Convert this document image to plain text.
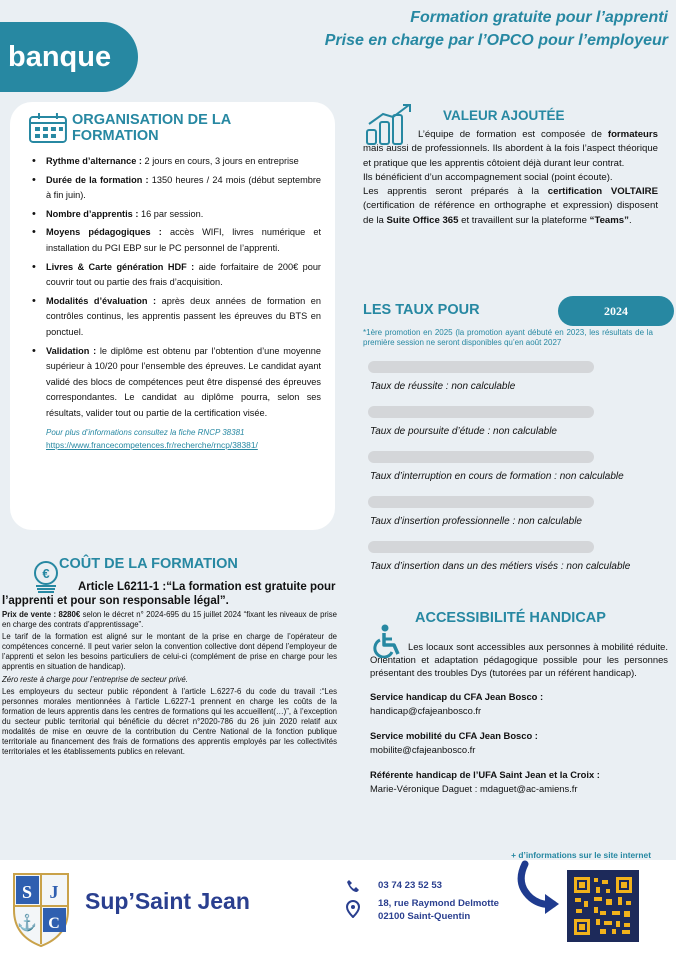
banque
Formation gratuite pour l’apprenti
Prise en charge par l’OPCO pour l’employeur
ORGANISATION DE LA FORMATION
• Rythme d’alternance : 2 jours en cours, 3 jours en entreprise
• Durée de la formation : 1350 heures / 24 mois (début septembre à fin juin).
• Nombre d’apprentis : 16 par session.
• Moyens pédagogiques : accès WIFI, livres numérique et installation du PGI EBP sur le PC personnel de l’apprenti.
• Livres & Carte génération HDF : aide forfaitaire de 200€ pour couvrir tout ou partie des frais d’acquisition.
• Modalités d’évaluation : après deux années de formation en contrôles continus, les apprentis passent les épreuves du BTS en ponctuel.
• Validation : le diplôme est obtenu par l’obtention d’une moyenne supérieur à 10/20 pour l’ensemble des épreuves. Le candidat ayant validé des blocs de compétences peut être dispensé des épreuves correspondantes. Le candidat au diplôme pourra, selon ses résultats, valider tout ou partie de la certification visée.
Pour plus d’informations consultez la fiche RNCP 38381
https://www.francecompetences.fr/recherche/rncp/38381/
€
COÛT DE LA FORMATION
Article L6211-1 :“La formation est gratuite pour l’apprenti et pour son responsable légal”.
Prix de vente : 8280€ selon le décret n° 2024-695 du 15 juillet 2024 “fixant les niveaux de prise en charge des contrats d’apprentissage”.
Le tarif de la formation est aligné sur le montant de la prise en charge de l’opérateur de compétences concerné. Il peut varier selon la convention collective dont dépend l’employeur de l’apprenti et selon les besoins particuliers de celui-ci (complément de prise en charge pour les apprentis en situation de handicap).
Zéro reste à charge pour l’entreprise de secteur privé.
Les employeurs du secteur public répondent à l’article L.6227-6 du code du travail :“Les personnes morales mentionnées à l’article L.6227-1 prennent en charge les coûts de la formation de leurs apprentis dans les centres de formations qui les accueillent(…)”, à l’exception du secteur public territorial qui bénéficie du décret n°2020-786 du 26 juin 2020 relatif aux modalités de mise en œuvre de la contribution du Centre National de la fonction publique territoriale au financement des frais de formations des apprentis employés par les collectivités territoriales et les établissements publics en relevant.
VALEUR AJOUTÉE
L’équipe de formation est composée de formateurs mais aussi de professionnels. Ils abordent à la fois l’aspect théorique et pratique que les apprentis côtoient déjà durant leur contrat.
Ils bénéficient d’un accompagnement social (point écoute).
Les apprentis seront préparés à la certification VOLTAIRE (certification de référence en orthographe et expression) disposent de la Suite Office 365 et travaillent sur la plateforme “Teams”.
LES TAUX POUR	2024
*1ère promotion en 2025 (la promotion ayant débuté en 2023, les résultats de la première session ne seront disponibles qu’en août 2027
Taux de réussite : non calculable
Taux de poursuite d’étude : non calculable
Taux d’interruption en cours de formation : non calculable
Taux d’insertion professionnelle : non calculable
Taux d’insertion dans un des métiers visés : non calculable
ACCESSIBILITÉ HANDICAP
Les locaux sont accessibles aux personnes à mobilité réduite. Orientation et adaptation pédagogique possible pour les personnes présentant des troubles Dys (tutorées par un référent handicap).
Service handicap du CFA Jean Bosco :
handicap@cfajeanbosco.fr
Service mobilité du CFA Jean Bosco :
mobilite@cfajeanbosco.fr
Référente handicap de l’UFA Saint Jean et la Croix :
Marie-Véronique Daguet : mdaguet@ac-amiens.fr
+ d’informations sur le site internet
S J
⚓ C
Sup’Saint Jean
03 74 23 52 53
18, rue Raymond Delmotte
02100 Saint-Quentin
